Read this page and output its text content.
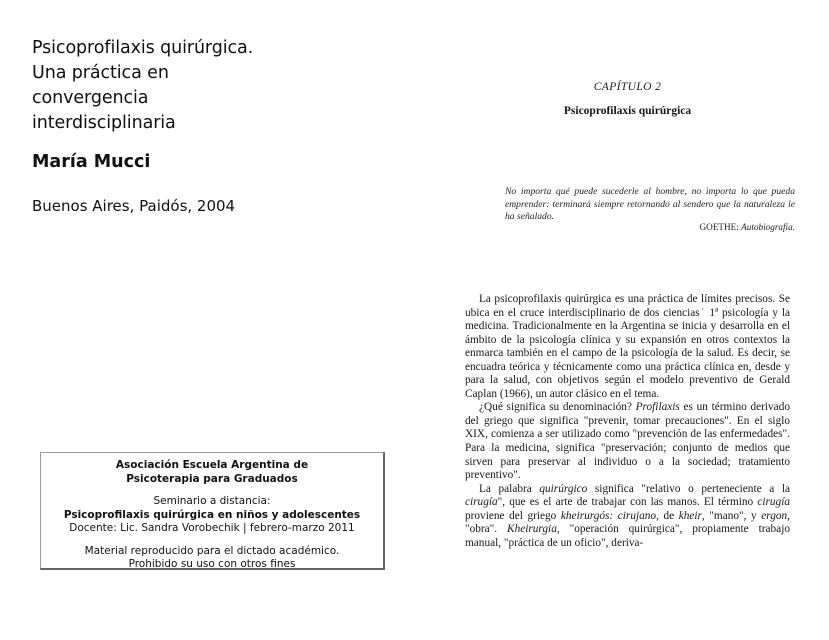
Psicoprofilaxis quirúrgica.
Una práctica en
convergencia
interdisciplinaria
María Mucci
Buenos Aires, Paidós, 2004
Asociación Escuela Argentina de
Psicoterapia para Graduados
Seminario a distancia:
Psicoprofilaxis quirúrgica en niños y adolescentes
Docente: Lic. Sandra Vorobechik | febrero-marzo 2011
Material reproducido para el dictado académico.
Prohibido su uso con otros fines
CAPÍTULO 2
Psicoprofilaxis quirúrgica
No importa qué puede sucederle al hombre, no importa lo que pueda emprender: terminará siempre retornando al sendero que la naturaleza le ha señalado.
GOETHE: Autobiografía.

La psicoprofilaxis quirúrgica es una práctica de límites precisos. Se ubica en el cruce interdisciplinario de dos ciencias˙ 1ª psicología y la medicina. Tradicionalmente en la Argentina se inicia y desarrolla en el ámbito de la psicología clínica y su expansión en otros contextos la enmarca también en el campo de la psicología de la salud. Es decir, se encuadra teórica y técnicamente como una práctica clínica en, desde y para la salud, con objetivos según el modelo preventivo de Gerald Caplan (1966), un autor clásico en el tema.

¿Qué significa su denominación? Profilaxis es un término derivado del griego que significa "prevenir, tomar precauciones". En el siglo XIX, comienza a ser utilizado como "prevención de las enfermedades". Para la medicina, significa "preservación; conjunto de medios que sirven para preservar al individuo o a la sociedad; tratamiento preventivo".

La palabra quirúrgico significa "relativo o perteneciente a la cirugía", que es el arte de trabajar con las manos. El término cirugía proviene del griego kheirurgós: cirujano, de kheir, "mano", y ergon, "obra". Kheirurgia, "operación quirúrgica", propiamente trabajo manual, "práctica de un oficio", deriva-
